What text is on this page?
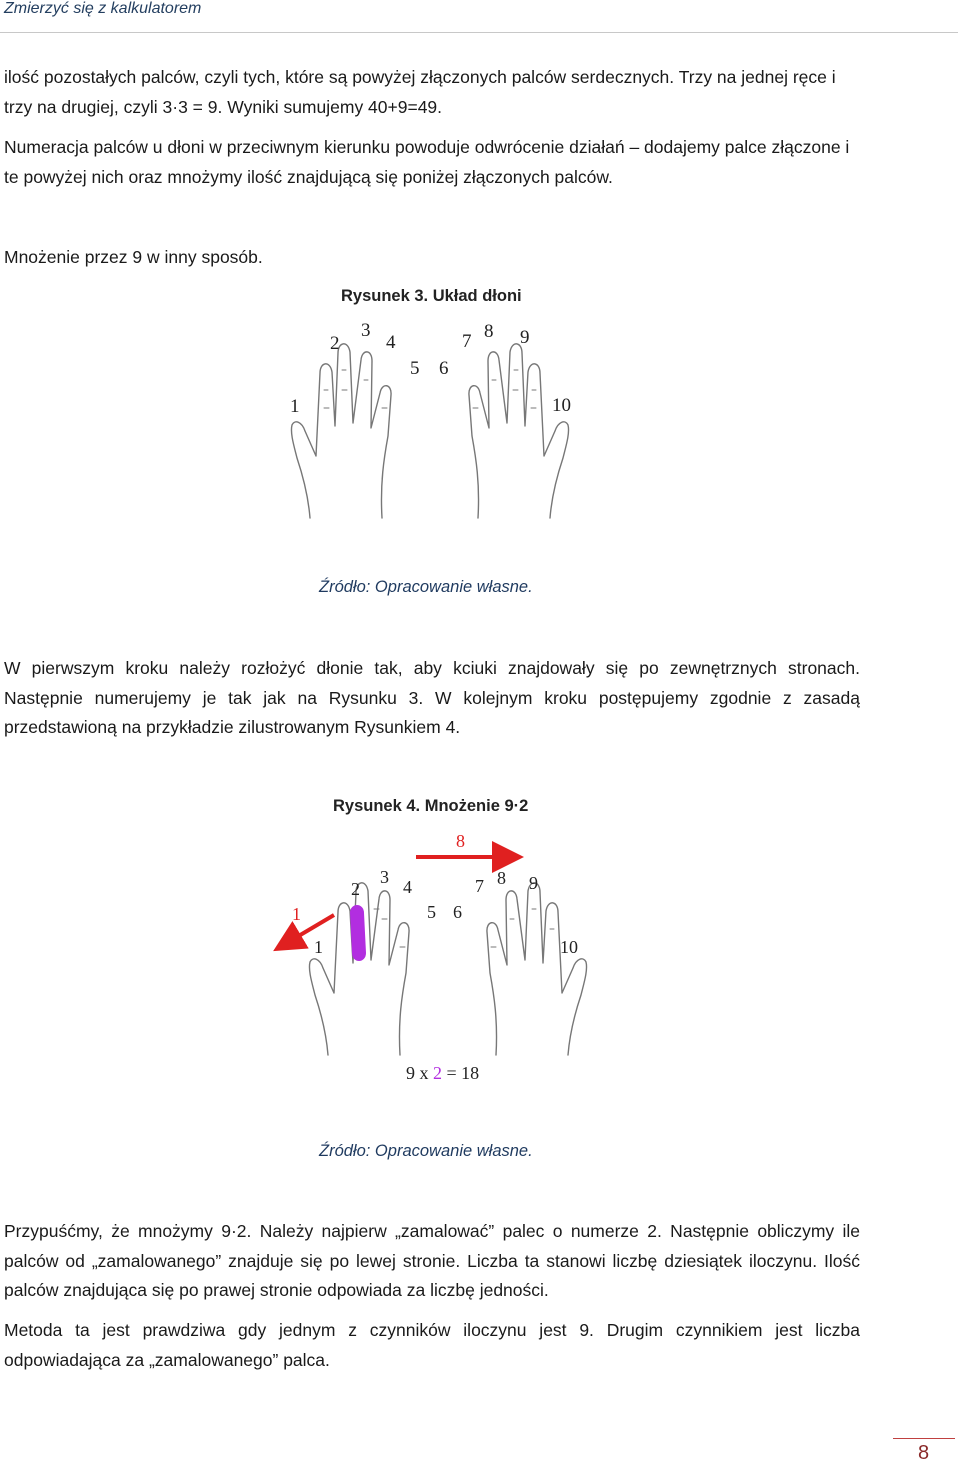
Zmierzyć się z kalkulatorem

ilość pozostałych palców, czyli tych, które są powyżej złączonych palców serdecznych. Trzy na jednej ręce i trzy na drugiej, czyli 3·3 = 9. Wyniki sumujemy 40+9=49.

Numeracja palców u dłoni w przeciwnym kierunku powoduje odwrócenie działań – dodajemy palce złączone i te powyżej nich oraz mnożymy ilość znajdującą się poniżej złączonych palców.

Mnożenie przez 9 w inny sposób.

Rysunek 3. Układ dłoni
1
2
3
4
5 6
7 8 9
10
Źródło: Opracowanie własne.

W pierwszym kroku należy rozłożyć dłonie tak, aby kciuki znajdowały się po zewnętrznych stronach. Następnie numerujemy je tak jak na Rysunku 3. W kolejnym kroku postępujemy zgodnie z zasadą przedstawioną na przykładzie zilustrowanym Rysunkiem 4.

Rysunek 4. Mnożenie 9·2
8
1
1
2
3 4
5 6
7 8 9
10
9 x 2 = 18
Źródło: Opracowanie własne.

Przypuśćmy, że mnożymy 9·2. Należy najpierw „zamalować” palec o numerze 2. Następnie obliczymy ile palców od „zamalowanego” znajduje się po lewej stronie. Liczba ta stanowi liczbę dziesiątek iloczynu. Ilość palców znajdująca się po prawej stronie odpowiada za liczbę jedności.

Metoda ta jest prawdziwa gdy jednym z czynników iloczynu jest 9. Drugim czynnikiem jest liczba odpowiadająca za „zamalowanego” palca.

8
